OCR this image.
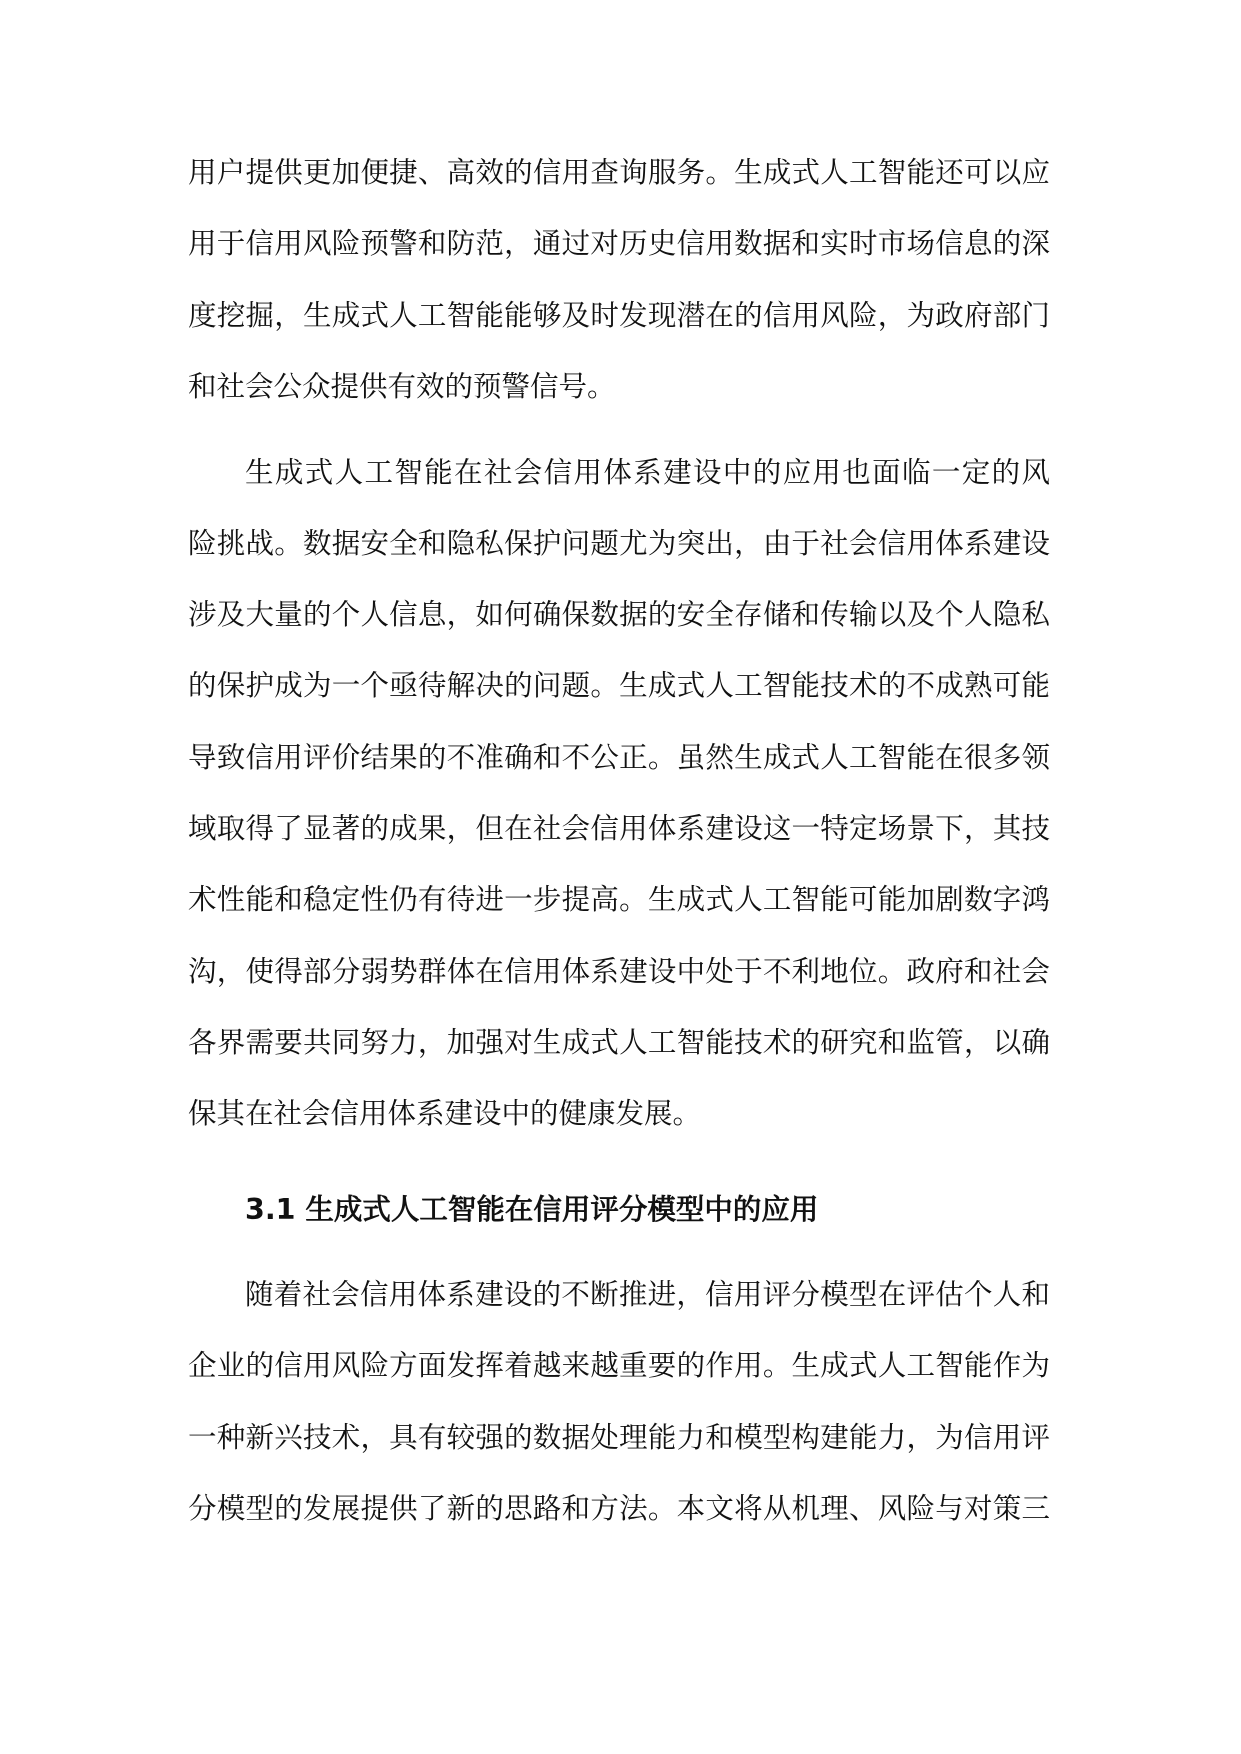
用户提供更加便捷、高效的信用查询服务。生成式人工智能还可以应
用于信用风险预警和防范，通过对历史信用数据和实时市场信息的深
度挖掘，生成式人工智能能够及时发现潜在的信用风险，为政府部门
和社会公众提供有效的预警信号。
生成式人工智能在社会信用体系建设中的应用也面临一定的风
险挑战。数据安全和隐私保护问题尤为突出，由于社会信用体系建设
涉及大量的个人信息，如何确保数据的安全存储和传输以及个人隐私
的保护成为一个亟待解决的问题。生成式人工智能技术的不成熟可能
导致信用评价结果的不准确和不公正。虽然生成式人工智能在很多领
域取得了显著的成果，但在社会信用体系建设这一特定场景下，其技
术性能和稳定性仍有待进一步提高。生成式人工智能可能加剧数字鸿
沟，使得部分弱势群体在信用体系建设中处于不利地位。政府和社会
各界需要共同努力，加强对生成式人工智能技术的研究和监管，以确
保其在社会信用体系建设中的健康发展。
3.1 生成式人工智能在信用评分模型中的应用
随着社会信用体系建设的不断推进，信用评分模型在评估个人和
企业的信用风险方面发挥着越来越重要的作用。生成式人工智能作为
一种新兴技术，具有较强的数据处理能力和模型构建能力，为信用评
分模型的发展提供了新的思路和方法。本文将从机理、风险与对策三
